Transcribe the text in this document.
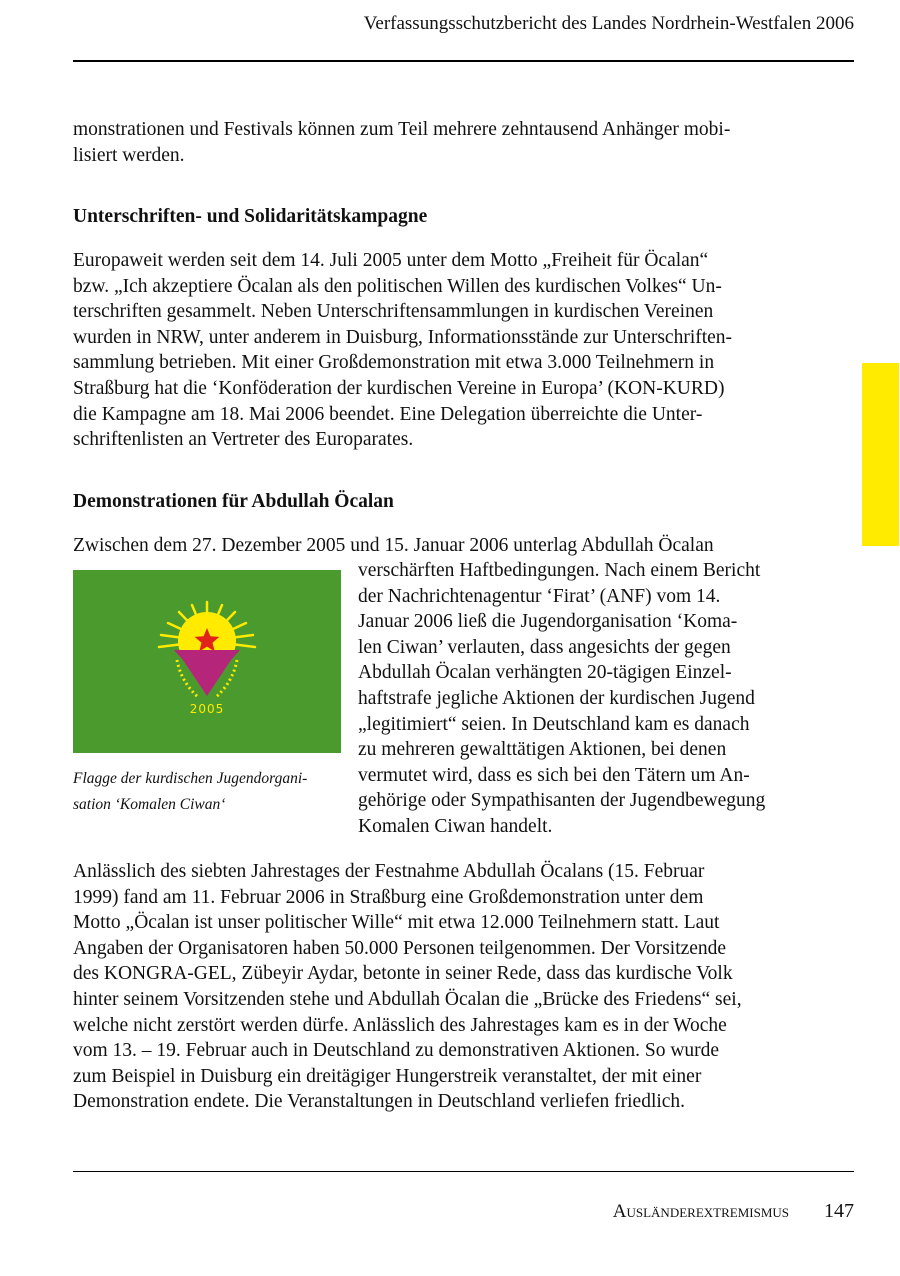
Verfassungsschutzbericht des Landes Nordrhein-Westfalen 2006
monstrationen und Festivals können zum Teil mehrere zehntausend Anhänger mobi-
lisiert werden.
Unterschriften- und Solidaritätskampagne
Europaweit werden seit dem 14. Juli 2005 unter dem Motto „Freiheit für Öcalan“
bzw. „Ich akzeptiere Öcalan als den politischen Willen des kurdischen Volkes“ Un-
terschriften gesammelt. Neben Unterschriftensammlungen in kurdischen Vereinen
wurden in NRW, unter anderem in Duisburg, Informationsstände zur Unterschriften-
sammlung betrieben. Mit einer Großdemonstration mit etwa 3.000 Teilnehmern in
Straßburg hat die ‘Konföderation der kurdischen Vereine in Europa’ (KON-KURD)
die Kampagne am 18. Mai 2006 beendet. Eine Delegation überreichte die Unter-
schriftenlisten an Vertreter des Europarates.
Demonstrationen für Abdullah Öcalan
Zwischen dem 27. Dezember 2005 und 15. Januar 2006 unterlag Abdullah Öcalan
2005
Flagge der kurdischen Jugendorgani-
sation ‘Komalen Ciwan‘
verschärften Haftbedingungen. Nach einem Bericht
der Nachrichtenagentur ‘Firat’ (ANF) vom 14.
Januar 2006 ließ die Jugendorganisation ‘Koma-
len Ciwan’ verlauten, dass angesichts der gegen
Abdullah Öcalan verhängten 20-tägigen Einzel-
haftstrafe jegliche Aktionen der kurdischen Jugend
„legitimiert“ seien. In Deutschland kam es danach
zu mehreren gewalttätigen Aktionen, bei denen
vermutet wird, dass es sich bei den Tätern um An-
gehörige oder Sympathisanten der Jugendbewegung
Komalen Ciwan handelt.
Anlässlich des siebten Jahrestages der Festnahme Abdullah Öcalans (15. Februar
1999) fand am 11. Februar 2006 in Straßburg eine Großdemonstration unter dem
Motto „Öcalan ist unser politischer Wille“ mit etwa 12.000 Teilnehmern statt. Laut
Angaben der Organisatoren haben 50.000 Personen teilgenommen. Der Vorsitzende
des KONGRA-GEL, Zübeyir Aydar, betonte in seiner Rede, dass das kurdische Volk
hinter seinem Vorsitzenden stehe und Abdullah Öcalan die „Brücke des Friedens“ sei,
welche nicht zerstört werden dürfe. Anlässlich des Jahrestages kam es in der Woche
vom 13. – 19. Februar auch in Deutschland zu demonstrativen Aktionen. So wurde
zum Beispiel in Duisburg ein dreitägiger Hungerstreik veranstaltet, der mit einer
Demonstration endete. Die Veranstaltungen in Deutschland verliefen friedlich.
Ausländerextremismus 147
